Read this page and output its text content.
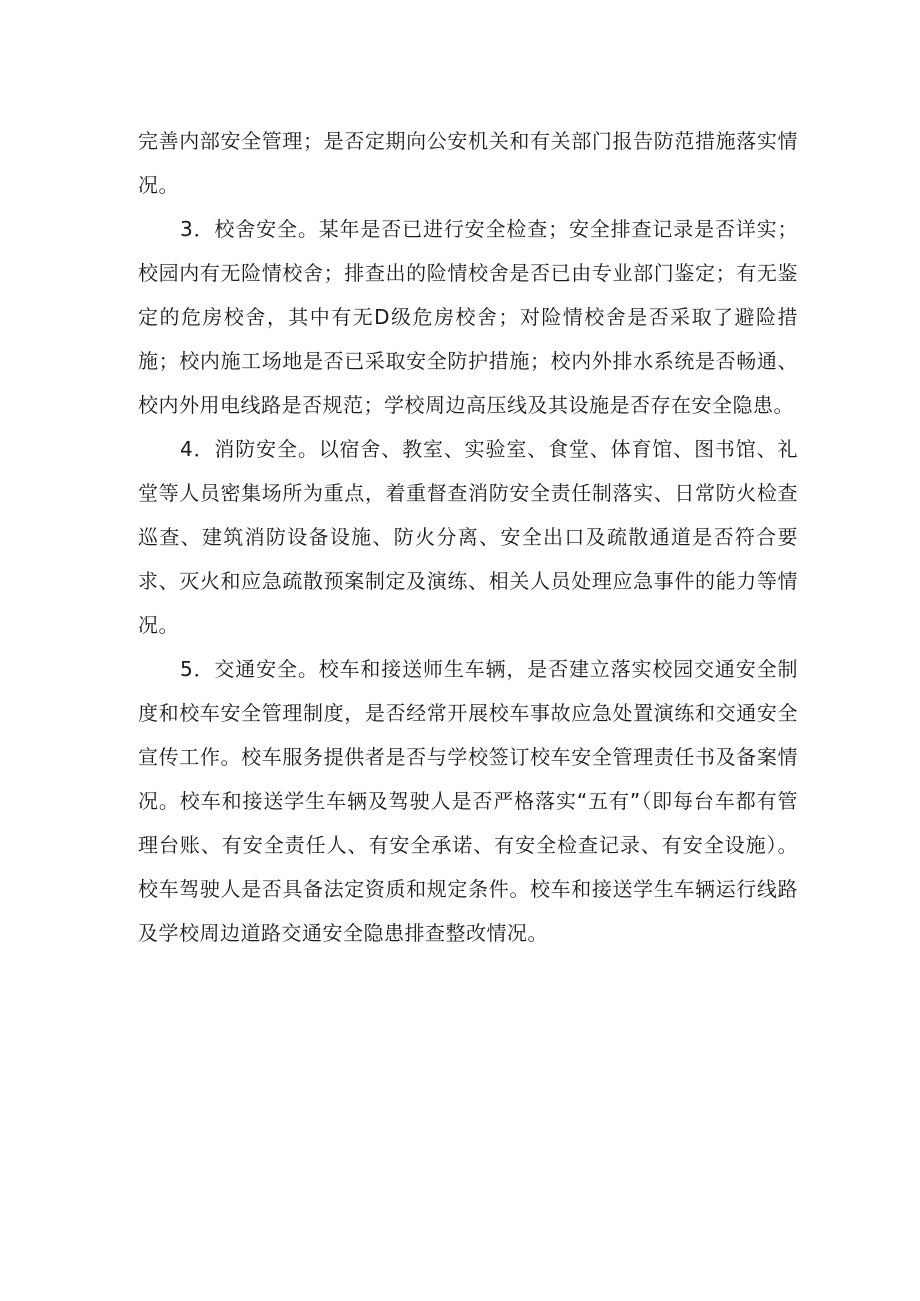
完善内部安全管理；是否定期向公安机关和有关部门报告防范措施落实情况。

3．校舍安全。某年是否已进行安全检查；安全排查记录是否详实；校园内有无险情校舍；排查出的险情校舍是否已由专业部门鉴定；有无鉴定的危房校舍，其中有无D级危房校舍；对险情校舍是否采取了避险措施；校内施工场地是否已采取安全防护措施；校内外排水系统是否畅通、校内外用电线路是否规范；学校周边高压线及其设施是否存在安全隐患。

4．消防安全。以宿舍、教室、实验室、食堂、体育馆、图书馆、礼堂等人员密集场所为重点，着重督查消防安全责任制落实、日常防火检查巡查、建筑消防设备设施、防火分离、安全出口及疏散通道是否符合要求、灭火和应急疏散预案制定及演练、相关人员处理应急事件的能力等情况。

5．交通安全。校车和接送师生车辆，是否建立落实校园交通安全制度和校车安全管理制度，是否经常开展校车事故应急处置演练和交通安全宣传工作。校车服务提供者是否与学校签订校车安全管理责任书及备案情况。校车和接送学生车辆及驾驶人是否严格落实“五有”（即每台车都有管理台账、有安全责任人、有安全承诺、有安全检查记录、有安全设施）。校车驾驶人是否具备法定资质和规定条件。校车和接送学生车辆运行线路及学校周边道路交通安全隐患排查整改情况。
